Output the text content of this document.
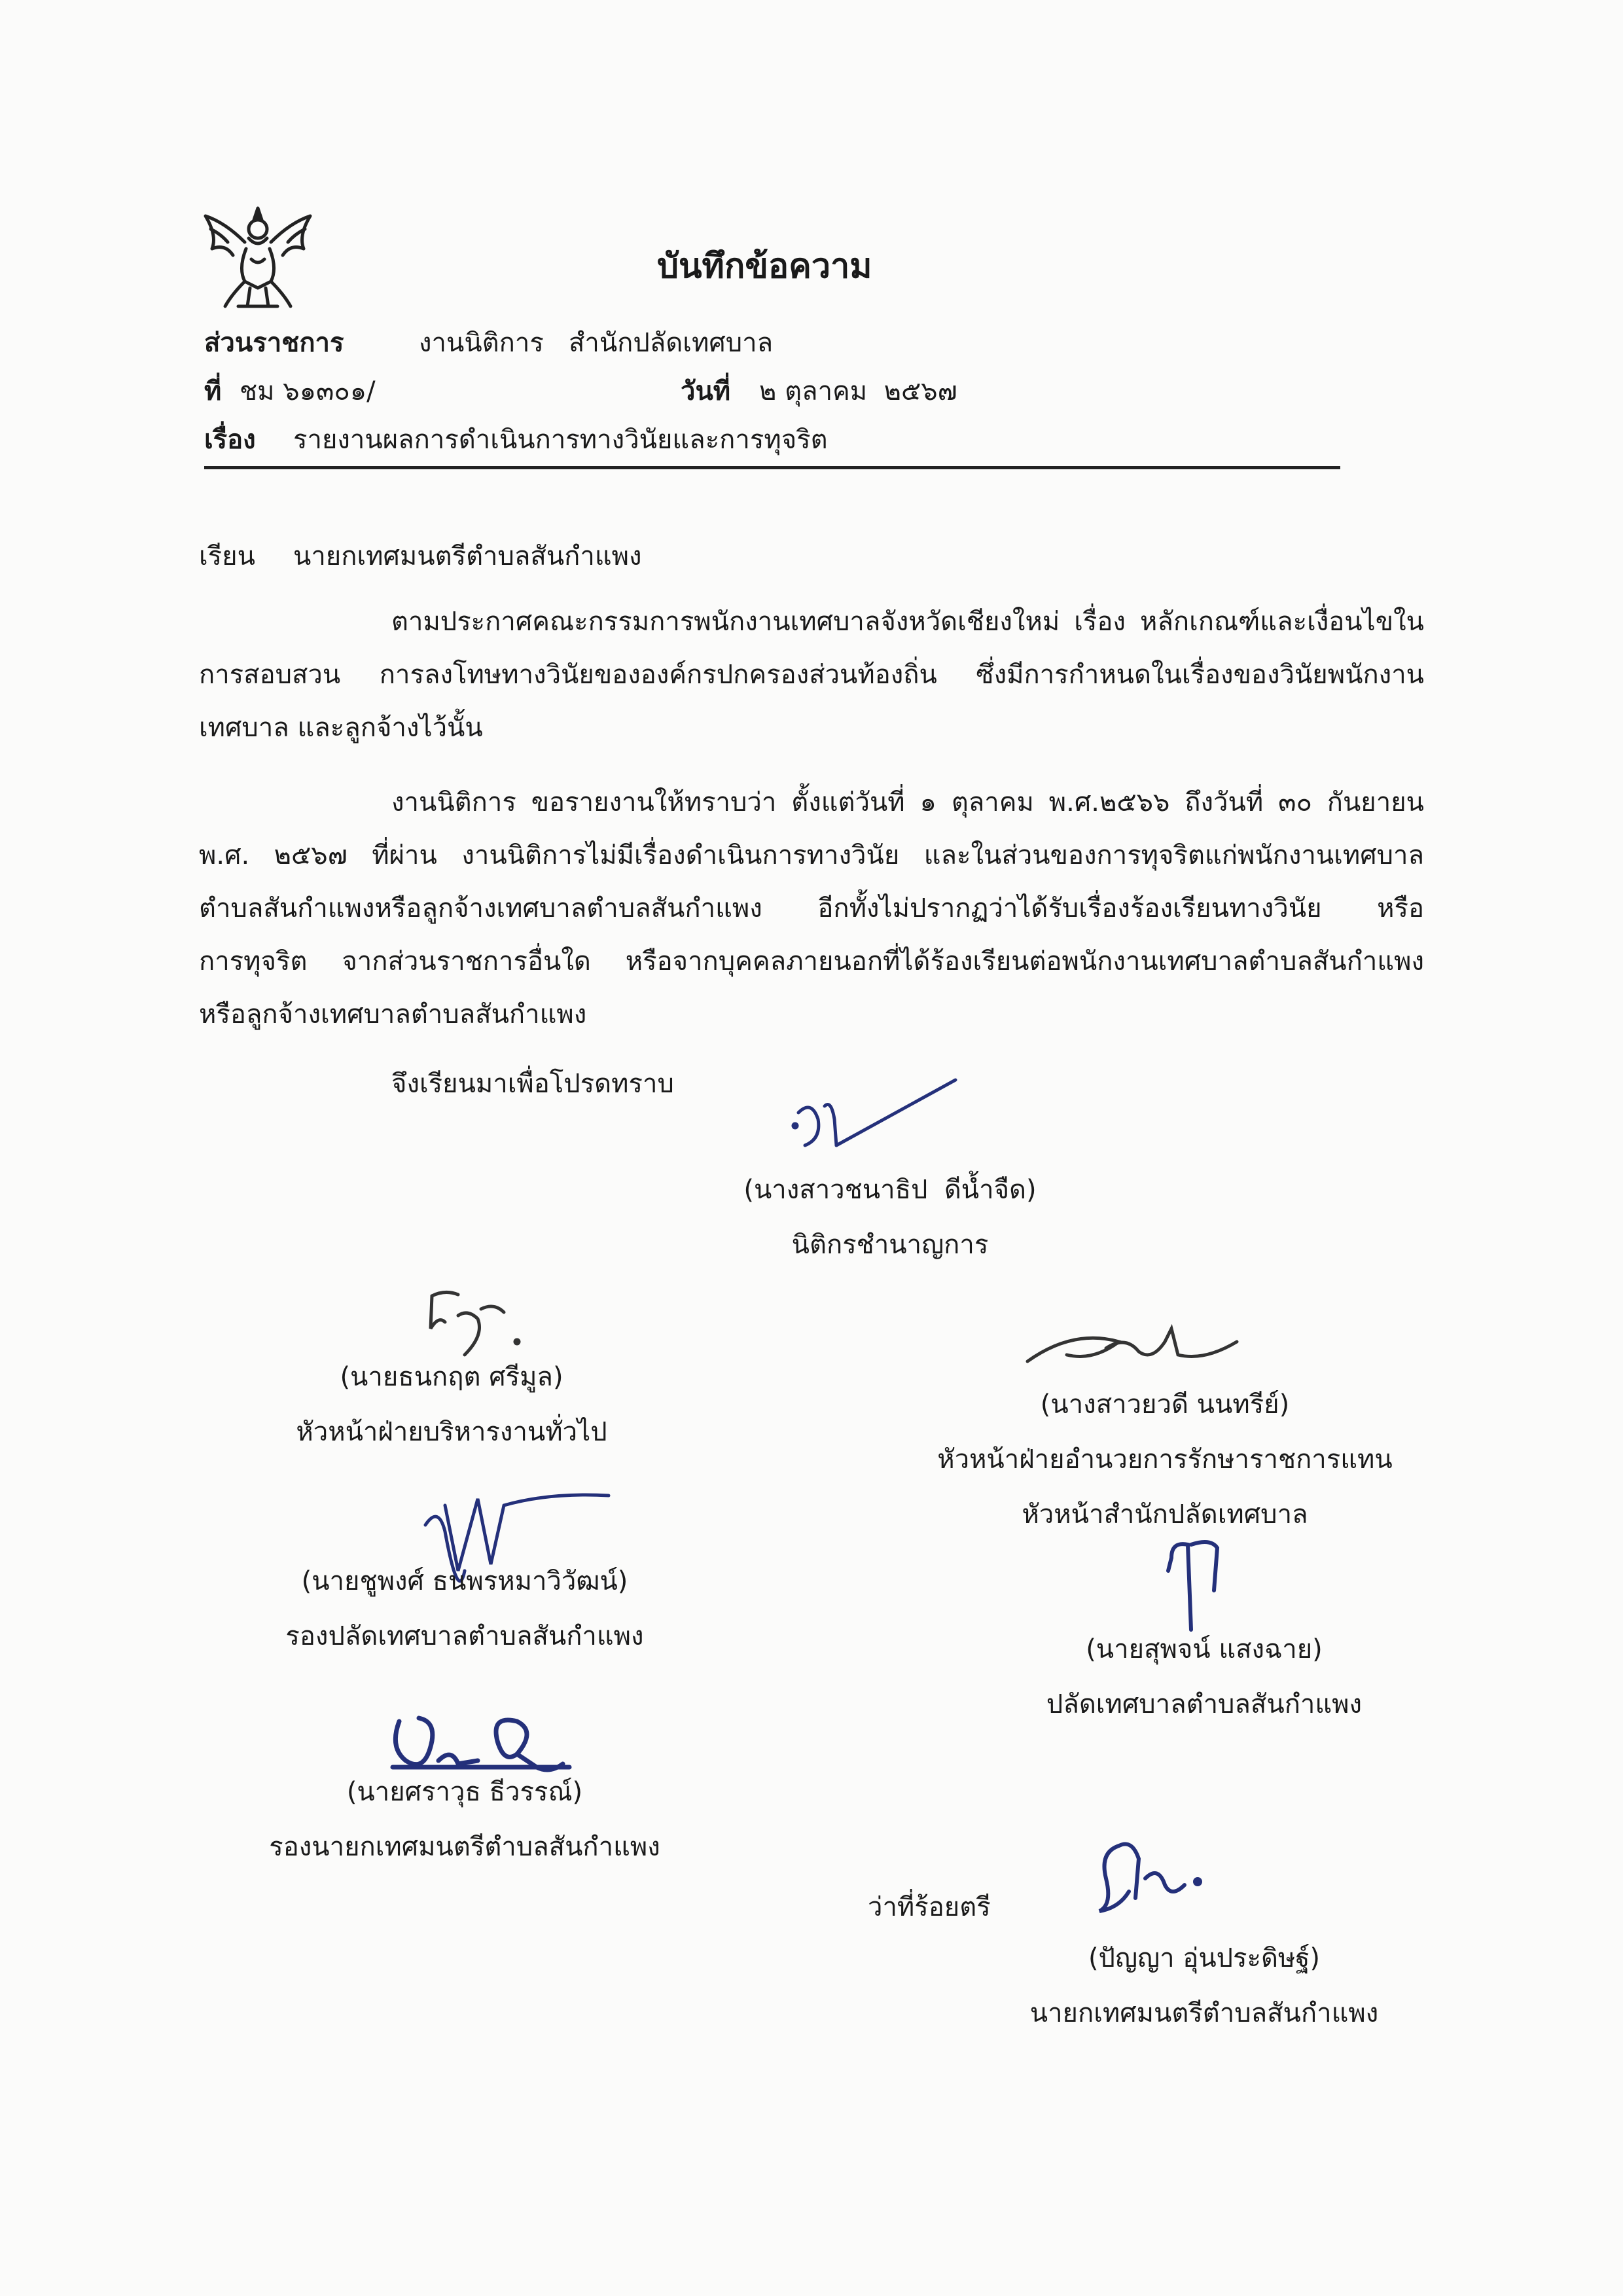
บันทึกข้อความ
ส่วนราชการ	งานนิติการ   สำนักปลัดเทศบาล
ที่ ชม ๖๑๓๐๑/	วันที่ ๒ ตุลาคม  ๒๕๖๗
เรื่อง รายงานผลการดำเนินการทางวินัยและการทุจริต
เรียน นายกเทศมนตรีตำบลสันกำแพง
ตามประกาศคณะกรรมการพนักงานเทศบาลจังหวัดเชียงใหม่ เรื่อง หลักเกณฑ์และเงื่อนไขใน
การสอบสวน การลงโทษทางวินัยขององค์กรปกครองส่วนท้องถิ่น ซึ่งมีการกำหนดในเรื่องของวินัยพนักงาน
เทศบาล และลูกจ้างไว้นั้น
งานนิติการ ขอรายงานให้ทราบว่า ตั้งแต่วันที่ ๑ ตุลาคม พ.ศ.๒๕๖๖ ถึงวันที่ ๓๐ กันยายน
พ.ศ. ๒๕๖๗ ที่ผ่าน งานนิติการไม่มีเรื่องดำเนินการทางวินัย และในส่วนของการทุจริตแก่พนักงานเทศบาล
ตำบลสันกำแพงหรือลูกจ้างเทศบาลตำบลสันกำแพง อีกทั้งไม่ปรากฏว่าได้รับเรื่องร้องเรียนทางวินัย หรือ
การทุจริต จากส่วนราชการอื่นใด หรือจากบุคคลภายนอกที่ได้ร้องเรียนต่อพนักงานเทศบาลตำบลสันกำแพง
หรือลูกจ้างเทศบาลตำบลสันกำแพง
จึงเรียนมาเพื่อโปรดทราบ
(นางสาวชนาธิป  ดีน้ำจืด)
นิติกรชำนาญการ
(นายธนกฤต ศรีมูล)
หัวหน้าฝ่ายบริหารงานทั่วไป
(นางสาวยวดี นนทรีย์)
หัวหน้าฝ่ายอำนวยการรักษาราชการแทน
หัวหน้าสำนักปลัดเทศบาล
(นายชูพงศ์ ธนพรหมาวิวัฒน์)
รองปลัดเทศบาลตำบลสันกำแพง	(นายสุพจน์ แสงฉาย)
ปลัดเทศบาลตำบลสันกำแพง
(นายศราวุธ ธีวรรณ์)
รองนายกเทศมนตรีตำบลสันกำแพง
ว่าที่ร้อยตรี
(ปัญญา อุ่นประดิษฐ์)
นายกเทศมนตรีตำบลสันกำแพง
